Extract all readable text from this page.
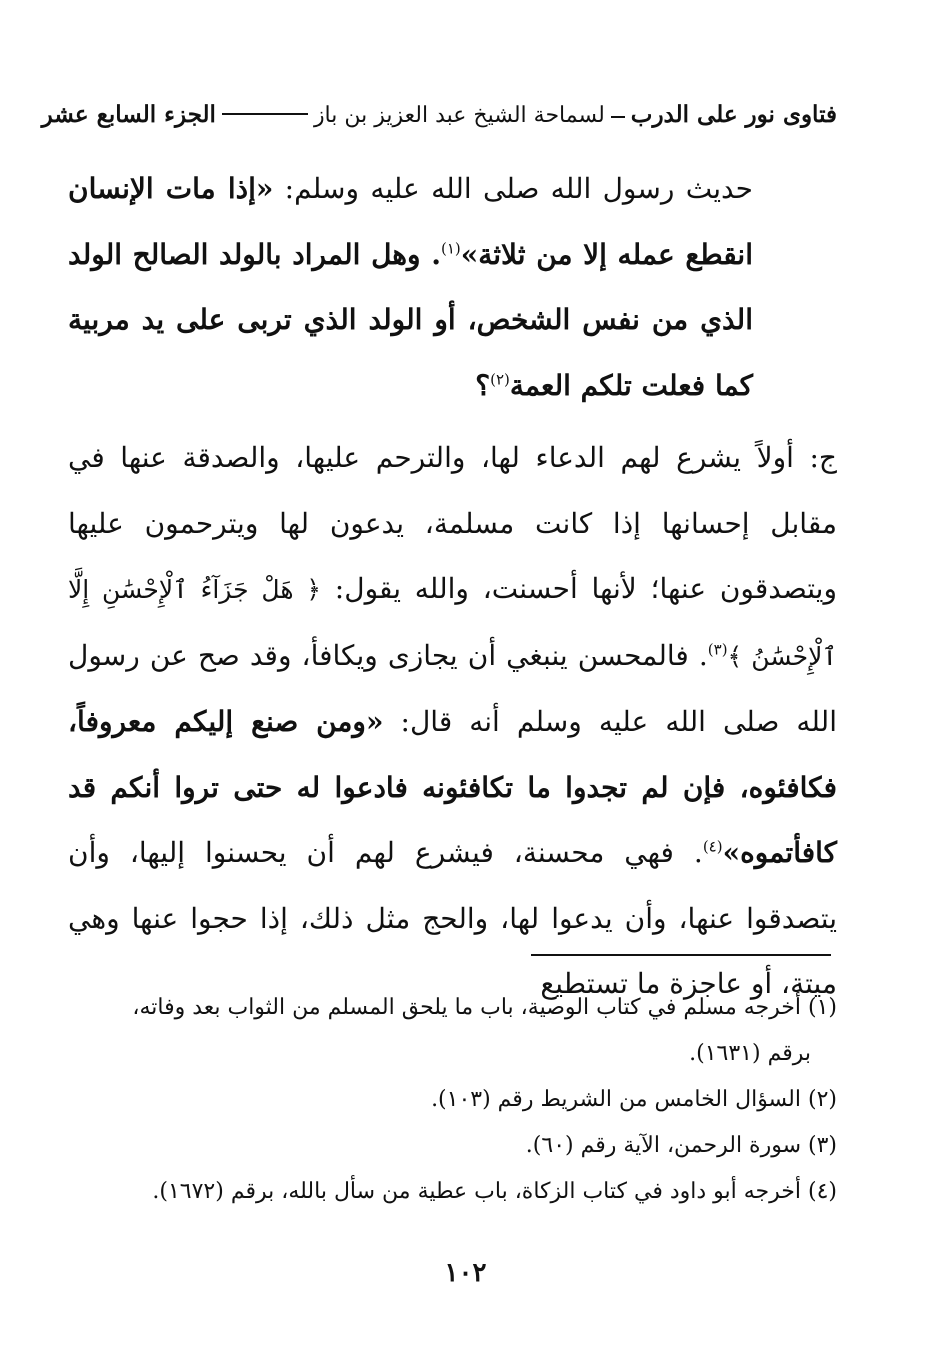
فتاوى نور على الدربلسماحة الشيخ عبد العزيز بن باز
الجزء السابع عشر

حديث رسول الله صلى الله عليه وسلم: «إذا مات الإنسان انقطع عمله إلا من ثلاثة»$^{(١)}$. وهل المراد بالولد الصالح الولد الذي من نفس الشخص، أو الولد الذي تربى على يد مربية كما فعلت تلكم العمة$^{(٢)}$؟

ج: أولاً يشرع لهم الدعاء لها، والترحم عليها، والصدقة عنها في مقابل إحسانها إذا كانت مسلمة، يدعون لها ويترحمون عليها ويتصدقون عنها؛ لأنها أحسنت، والله يقول: ﴿ هَلْ جَزَآءُ ٱلْإِحْسَٰنِ إِلَّا ٱلْإِحْسَٰنُ ﴾$^{(٣)}$. فالمحسن ينبغي أن يجازى ويكافأ، وقد صح عن رسول الله صلى الله عليه وسلم أنه قال: «ومن صنع إليكم معروفاً، فكافئوه، فإن لم تجدوا ما تكافئونه فادعوا له حتى تروا أنكم قد كافأتموه»$^{(٤)}$. فهي محسنة، فيشرع لهم أن يحسنوا إليها، وأن يتصدقوا عنها، وأن يدعوا لها، والحج مثل ذلك، إذا حجوا عنها وهي ميتة، أو عاجزة ما تستطيع

(١) أخرجه مسلم في كتاب الوصية، باب ما يلحق المسلم من الثواب بعد وفاته،
برقم (١٦٣١).

(٢) السؤال الخامس من الشريط رقم (١٠٣).

(٣) سورة الرحمن، الآية رقم (٦٠).

(٤) أخرجه أبو داود في كتاب الزكاة، باب عطية من سأل بالله، برقم (١٦٧٢).

١٠٢
